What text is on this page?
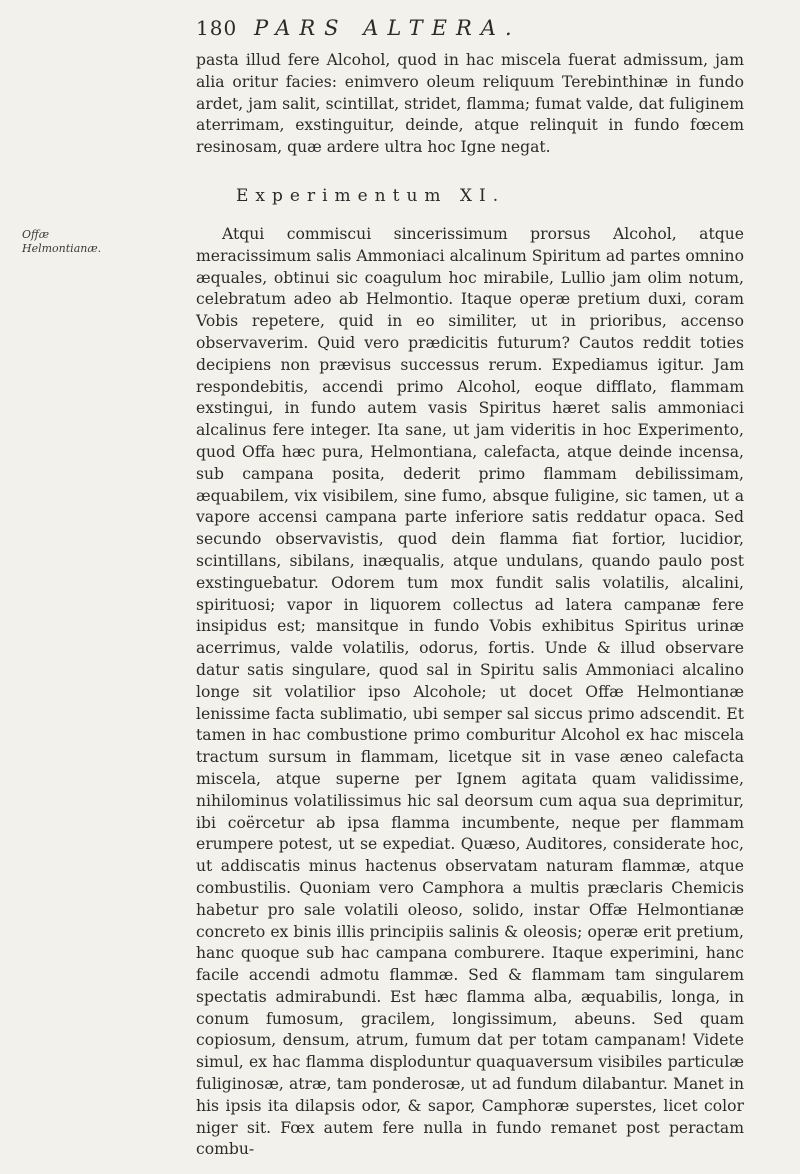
180 PARS ALTERA.

pasta illud fere Alcohol, quod in hac miscela fuerat admissum, jam alia oritur facies: enimvero oleum reliquum Terebinthinæ in fundo ardet, jam salit, scintillat, stridet, flamma; fumat valde, dat fuliginem aterrimam, exstinguitur, deinde, atque relinquit in fundo fœcem resinosam, quæ ardere ultra hoc Igne negat.

Experimentum XI.
Offæ Helmontianæ.

Atqui commiscui sincerissimum prorsus Alcohol, atque meracissimum salis Ammoniaci alcalinum Spiritum ad partes omnino æquales, obtinui sic coagulum hoc mirabile, Lullio jam olim notum, celebratum adeo ab Helmontio. Itaque operæ pretium duxi, coram Vobis repetere, quid in eo similiter, ut in prioribus, accenso observaverim. Quid vero prædicitis futurum? Cautos reddit toties decipiens non prævisus successus rerum. Expediamus igitur. Jam respondebitis, accendi primo Alcohol, eoque difflato, flammam exstingui, in fundo autem vasis Spiritus hæret salis ammoniaci alcalinus fere integer. Ita sane, ut jam videritis in hoc Experimento, quod Offa hæc pura, Helmontiana, calefacta, atque deinde incensa, sub campana posita, dederit primo flammam debilissimam, æquabilem, vix visibilem, sine fumo, absque fuligine, sic tamen, ut a vapore accensi campana parte inferiore satis reddatur opaca. Sed secundo observavistis, quod dein flamma fiat fortior, lucidior, scintillans, sibilans, inæqualis, atque undulans, quando paulo post exstinguebatur. Odorem tum mox fundit salis volatilis, alcalini, spirituosi; vapor in liquorem collectus ad latera campanæ fere insipidus est; mansitque in fundo Vobis exhibitus Spiritus urinæ acerrimus, valde volatilis, odorus, fortis. Unde & illud observare datur satis singulare, quod sal in Spiritu salis Ammoniaci alcalino longe sit volatilior ipso Alcohole; ut docet Offæ Helmontianæ lenissime facta sublimatio, ubi semper sal siccus primo adscendit. Et tamen in hac combustione primo comburitur Alcohol ex hac miscela tractum sursum in flammam, licetque sit in vase æneo calefacta miscela, atque superne per Ignem agitata quam validissime, nihilominus volatilissimus hic sal deorsum cum aqua sua deprimitur, ibi coërcetur ab ipsa flamma incumbente, neque per flammam erumpere potest, ut se expediat. Quæso, Auditores, considerate hoc, ut addiscatis minus hactenus observatam naturam flammæ, atque combustilis. Quoniam vero Camphora a multis præclaris Chemicis habetur pro sale volatili oleoso, solido, instar Offæ Helmontianæ concreto ex binis illis principiis salinis & oleosis; operæ erit pretium, hanc quoque sub hac campana comburere. Itaque experimini, hanc facile accendi admotu flammæ. Sed & flammam tam singularem spectatis admirabundi. Est hæc flamma alba, æquabilis, longa, in conum fumosum, gracilem, longissimum, abeuns. Sed quam copiosum, densum, atrum, fumum dat per totam campanam! Videte simul, ex hac flamma disploduntur quaquaversum visibiles particulæ fuliginosæ, atræ, tam ponderosæ, ut ad fundum dilabantur. Manet in his ipsis ita dilapsis odor, & sapor, Camphoræ superstes, licet color niger sit. Fœx autem fere nulla in fundo remanet post peractam combu-
